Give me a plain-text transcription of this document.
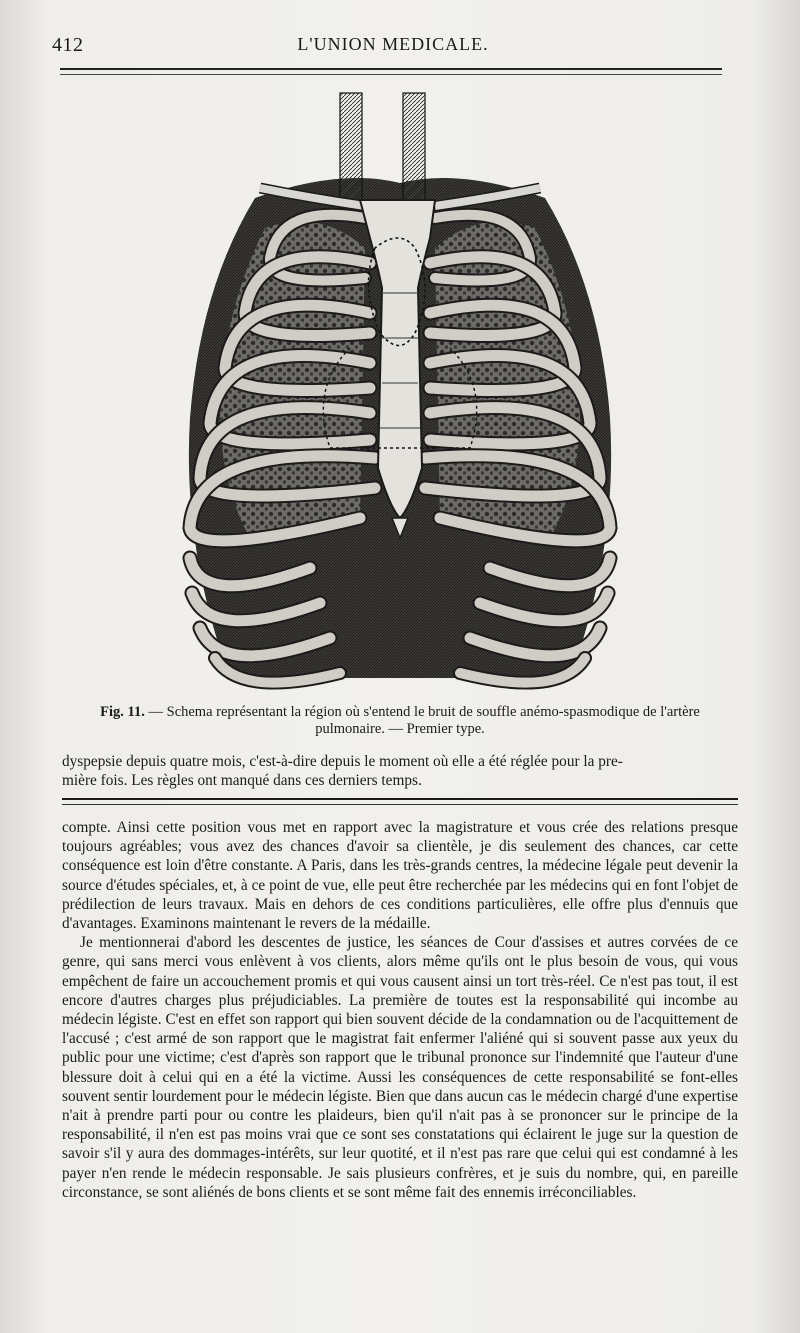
412	L'UNION MEDICALE.
Fig. 11. — Schema représentant la région où s'entend le bruit de souffle anémo-spasmodique de l'artère pulmonaire. — Premier type.

dyspepsie depuis quatre mois, c'est-à-dire depuis le moment où elle a été réglée pour la pre-

mière fois. Les règles ont manqué dans ces derniers temps.

compte. Ainsi cette position vous met en rapport avec la magistrature et vous crée des relations presque toujours agréables; vous avez des chances d'avoir sa clientèle, je dis seulement des chances, car cette conséquence est loin d'être constante. A Paris, dans les très-grands centres, la médecine légale peut devenir la source d'études spéciales, et, à ce point de vue, elle peut être recherchée par les médecins qui en font l'objet de prédilection de leurs travaux. Mais en dehors de ces conditions particulières, elle offre plus d'ennuis que d'avantages. Examinons maintenant le revers de la médaille.

Je mentionnerai d'abord les descentes de justice, les séances de Cour d'assises et autres corvées de ce genre, qui sans merci vous enlèvent à vos clients, alors même qu'ils ont le plus besoin de vous, qui vous empêchent de faire un accouchement promis et qui vous causent ainsi un tort très-réel. Ce n'est pas tout, il est encore d'autres charges plus préjudiciables. La première de toutes est la responsabilité qui incombe au médecin légiste. C'est en effet son rapport qui bien souvent décide de la condamnation ou de l'acquittement de l'accusé ; c'est armé de son rapport que le magistrat fait enfermer l'aliéné qui si souvent passe aux yeux du public pour une victime; c'est d'après son rapport que le tribunal prononce sur l'indemnité que l'auteur d'une blessure doit à celui qui en a été la victime. Aussi les conséquences de cette responsabilité se font-elles souvent sentir lourdement pour le médecin légiste. Bien que dans aucun cas le médecin chargé d'une expertise n'ait à prendre parti pour ou contre les plaideurs, bien qu'il n'ait pas à se prononcer sur le principe de la responsabilité, il n'en est pas moins vrai que ce sont ses constatations qui éclairent le juge sur la question de savoir s'il y aura des dommages-intérêts, sur leur quotité, et il n'est pas rare que celui qui est condamné à les payer n'en rende le médecin responsable. Je sais plusieurs confrères, et je suis du nombre, qui, en pareille circonstance, se sont aliénés de bons clients et se sont même fait des ennemis irréconciliables.
